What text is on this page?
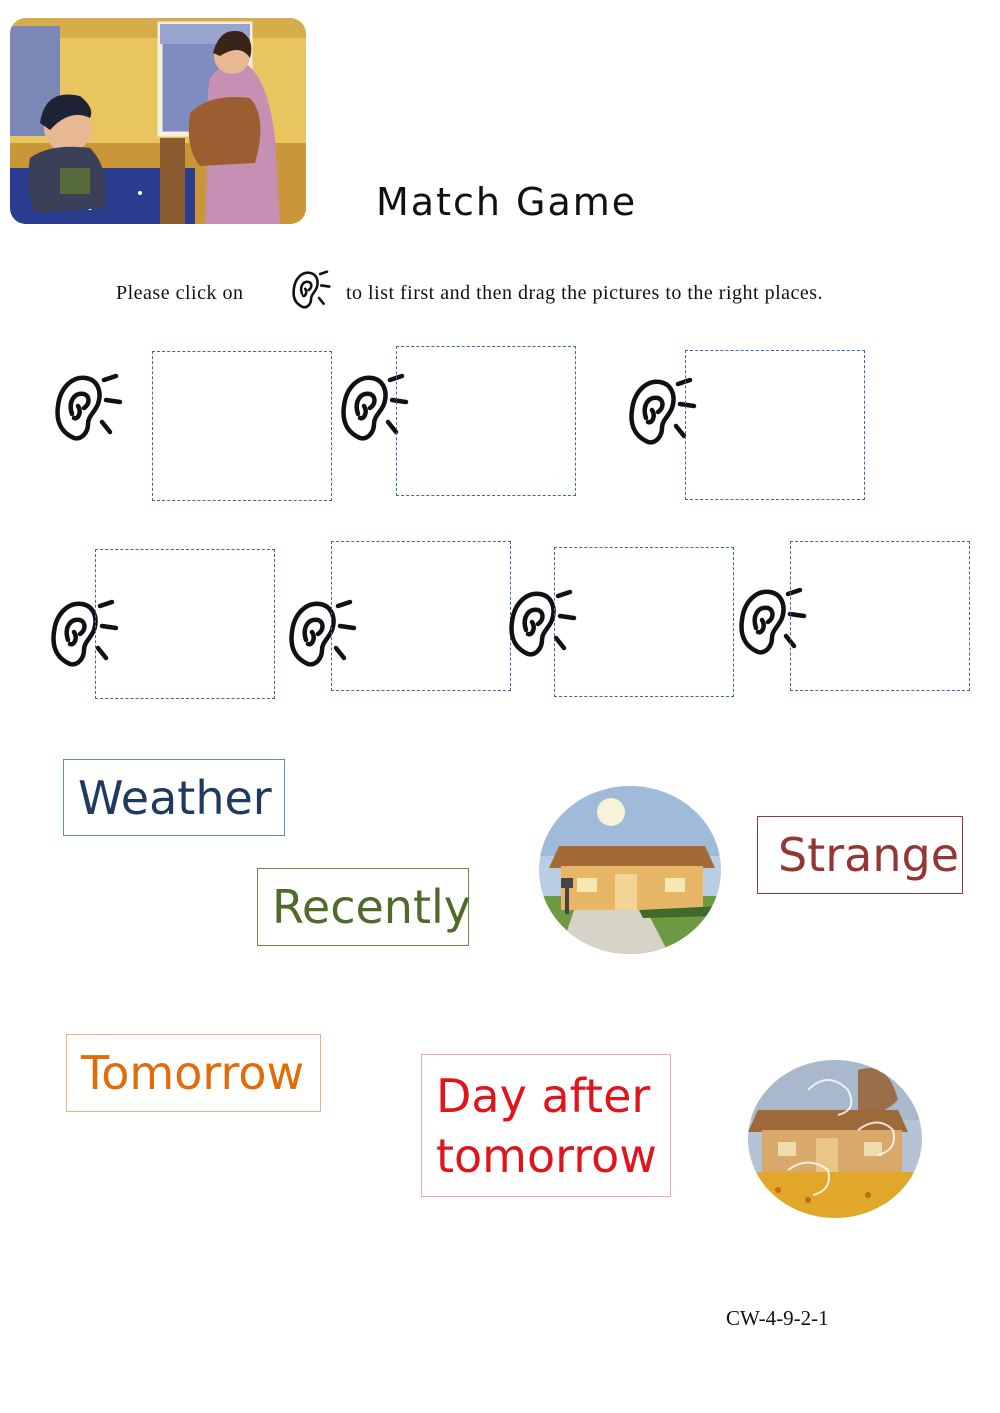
Match Game
Please click on	to list first and then drag the pictures to the right places.
Weather
Recently
Strange
Tomorrow	Day after
tomorrow
CW-4-9-2-1
